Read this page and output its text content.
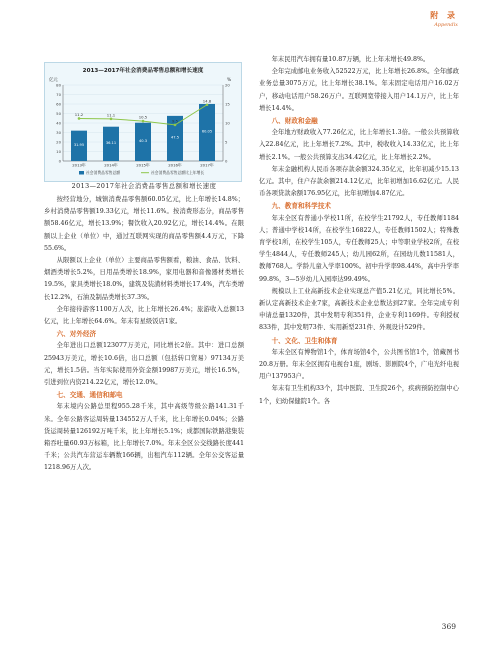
附 录
Appendix
2013—2017年社会消费品零售总额和增长速度
亿元	%
0
10
20
30
40
50
60
70
80
0
5
10
15
20
31.95
2013年
36.11
2014年
40.3
2015年
47.5
2016年
60.05
2017年
11.2	11.1	10.5
9.5
14.8
社会消费品零售总额	社会消费品零售总额比上年增长
2013—2017年社会消费品零售总额和增长速度

按经营地分，城镇消费品零售额60.05亿元，比上年增长14.8%；乡村消费品零售额19.33亿元，增长11.6%。按消费形态分，商品零售额58.46亿元，增长13.9%；餐饮收入20.92亿元，增长14.4%。在限额以上企业（单位）中，通过互联网实现的商品零售额4.4万元，下降55.6%。

从限额以上企业（单位）主要商品零售额看，粮油、食品、饮料、烟酒类增长5.2%，日用品类增长18.9%，家用电器和音像器材类增长19.5%，家具类增长18.0%，建筑及装潢材料类增长17.4%，汽车类增长12.2%，石油及制品类增长37.3%。

全年接待游客1100万人次，比上年增长26.4%；旅游收入总额13亿元，比上年增长64.6%。年末有星级饭店1家。

六、对外经济

全年进出口总额123077万美元，同比增长2倍。其中：进口总额25943万美元，增长10.6倍，出口总额（包括转口贸易）97134万美元，增长1.5倍。当年实际使用外资金额19987万美元，增长16.5%，引进到位内资214.22亿元，增长12.0%。

七、交通、通信和邮电

年末境内公路总里程955.28千米，其中高级等级公路141.31千米。全年公路客运周转量134552万人千米，比上年增长0.04%；公路货运周转量126192万吨千米，比上年增长5.1%；成都国际铁路港集装箱吞吐量60.93万标箱，比上年增长7.0%。年末全区公交线路长度441千米；公共汽车营运车辆数166辆，出租汽车112辆。全年公交客运量1218.96万人次。

年末民用汽车拥有量10.87万辆，比上年末增长49.8%。

全年完成邮电业务收入52522万元，比上年增长26.8%。全年邮政业务总量3075万元，比上年增长38.1%。年末固定电话用户16.02万户，移动电话用户58.26万户。互联网宽带接入用户14.1万户，比上年增长14.4%。

八、财政和金融

全年地方财政收入77.26亿元，比上年增长1.3倍。一般公共预算收入22.84亿元，比上年增长7.2%。其中，税收收入14.33亿元，比上年增长2.1%。一般公共预算支出34.42亿元，比上年增长2.2%。

年末金融机构人民币各项存款余额324.35亿元，比年初减少15.13亿元。其中，住户存款余额214.12亿元，比年初增加16.62亿元。人民币各项贷款余额176.95亿元，比年初增加4.87亿元。

九、教育和科学技术

年末全区有普通小学校11所，在校学生21792人，专任教师1184人；普通中学校14所，在校学生16822人，专任教师1502人；特殊教育学校1所，在校学生105人，专任教师25人；中等职业学校2所，在校学生4844人，专任教师245人；幼儿园62所，在园幼儿数11581人，教师768人。学龄儿童入学率100%。初中升学率98.44%，高中升学率99.8%，3—5岁幼儿入园率达99.49%。

规模以上工业高新技术企业实现总产值5.21亿元，同比增长5%。新认定高新技术企业7家，高新技术企业总数达到27家。全年完成专利申请总量1320件，其中发明专利351件，企业专利1169件。专利授权833件，其中发明73件、实用新型231件、外观设计529件。

十、文化、卫生和体育

年末全区有博物馆1个，体育场馆4个，公共图书馆1个，馆藏图书20.8万册。年末全区拥有电视台1座，剧场、影剧院4个，广电光纤电视用户137953户。

年末有卫生机构33个，其中医院、卫生院26个，疾病预防控制中心1个，妇幼保健院1个。各

369
